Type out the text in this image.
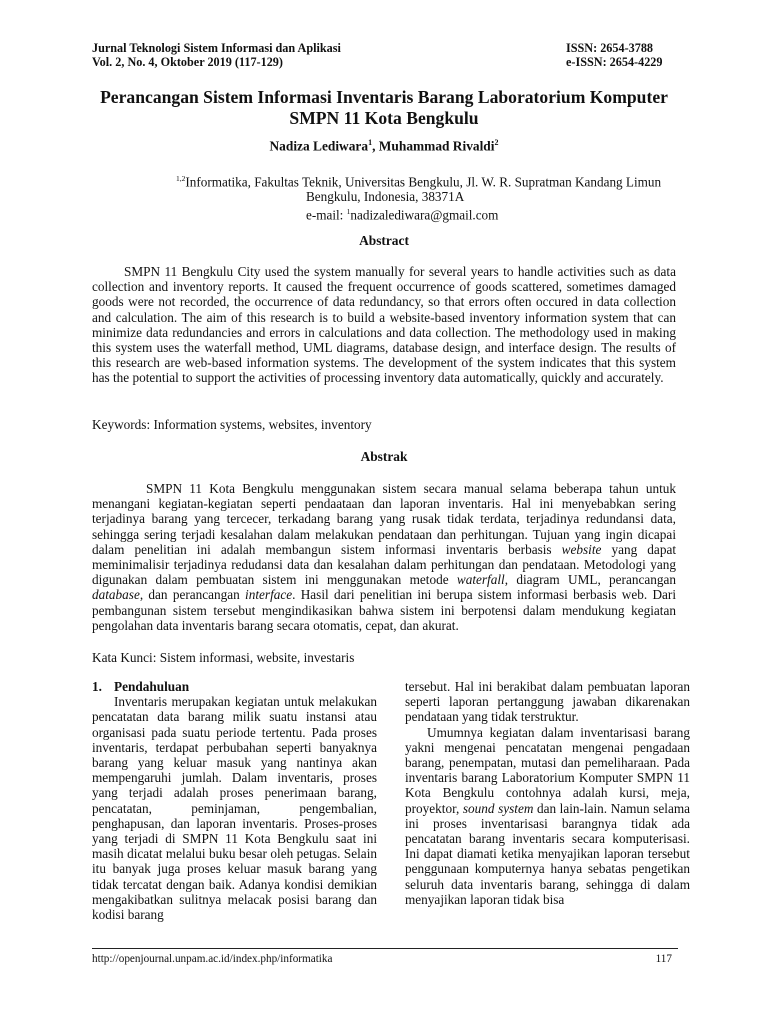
Jurnal Teknologi Sistem Informasi dan Aplikasi	ISSN: 2654-3788
Vol. 2, No. 4, Oktober 2019 (117-129)	e-ISSN: 2654-4229
Perancangan Sistem Informasi Inventaris Barang Laboratorium Komputer
SMPN 11 Kota Bengkulu
Nadiza Lediwara$^1$, Muhammad Rivaldi$^2$
$^{1,2}$Informatika, Fakultas Teknik, Universitas Bengkulu, Jl. W. R. Supratman Kandang Limun
Bengkulu, Indonesia, 38371A
e-mail: $^1$nadizalediwara@gmail.com
Abstract

SMPN 11 Bengkulu City used the system manually for several years to handle activities such as data collection and inventory reports. It caused the frequent occurrence of goods scattered, sometimes damaged goods were not recorded, the occurrence of data redundancy, so that errors often occured in data collection and calculation. The aim of this research is to build a website-based inventory information system that can minimize data redundancies and errors in calculations and data collection. The methodology used in making this system uses the waterfall method, UML diagrams, database design, and interface design. The results of this research are web-based information systems. The development of the system indicates that this system has the potential to support the activities of processing inventory data automatically, quickly and accurately.

Keywords: Information systems, websites, inventory
Abstrak

SMPN 11 Kota Bengkulu menggunakan sistem secara manual selama beberapa tahun untuk menangani kegiatan-kegiatan seperti pendaataan dan laporan inventaris. Hal ini menyebabkan sering terjadinya barang yang tercecer, terkadang barang yang rusak tidak terdata, terjadinya redundansi data, sehingga sering terjadi kesalahan dalam melakukan pendataan dan perhitungan. Tujuan yang ingin dicapai dalam penelitian ini adalah membangun sistem informasi inventaris berbasis website yang dapat meminimalisir terjadinya redudansi data dan kesalahan dalam perhitungan dan pendataan. Metodologi yang digunakan dalam pembuatan sistem ini menggunakan metode waterfall, diagram UML, perancangan database, dan perancangan interface. Hasil dari penelitian ini berupa sistem informasi berbasis web. Dari pembangunan sistem tersebut mengindikasikan bahwa sistem ini berpotensi dalam mendukung kegiatan pengolahan data inventaris barang secara otomatis, cepat, dan akurat.

Kata Kunci: Sistem informasi, website, investaris
1. Pendahuluan

Inventaris merupakan kegiatan untuk melakukan pencatatan data barang milik suatu instansi atau organisasi pada suatu periode tertentu. Pada proses inventaris, terdapat perbubahan seperti banyaknya barang yang keluar masuk yang nantinya akan mempengaruhi jumlah. Dalam inventaris, proses yang terjadi adalah proses penerimaan barang, pencatatan, peminjaman, pengembalian, penghapusan, dan laporan inventaris. Proses-proses yang terjadi di SMPN 11 Kota Bengkulu saat ini masih dicatat melalui buku besar oleh petugas. Selain itu banyak juga proses keluar masuk barang yang tidak tercatat dengan baik. Adanya kondisi demikian mengakibatkan sulitnya melacak posisi barang dan kodisi barang

tersebut. Hal ini berakibat dalam pembuatan laporan seperti laporan pertanggung jawaban dikarenakan pendataan yang tidak terstruktur.

Umumnya kegiatan dalam inventarisasi barang yakni mengenai pencatatan mengenai pengadaan barang, penempatan, mutasi dan pemeliharaan. Pada inventaris barang Laboratorium Komputer SMPN 11 Kota Bengkulu contohnya adalah kursi, meja, proyektor, sound system dan lain-lain. Namun selama ini proses inventarisasi barangnya tidak ada pencatatan barang inventaris secara komputerisasi. Ini dapat diamati ketika menyajikan laporan tersebut penggunaan komputernya hanya sebatas pengetikan seluruh data inventaris barang, sehingga di dalam menyajikan laporan tidak bisa

http://openjournal.unpam.ac.id/index.php/informatika	117
